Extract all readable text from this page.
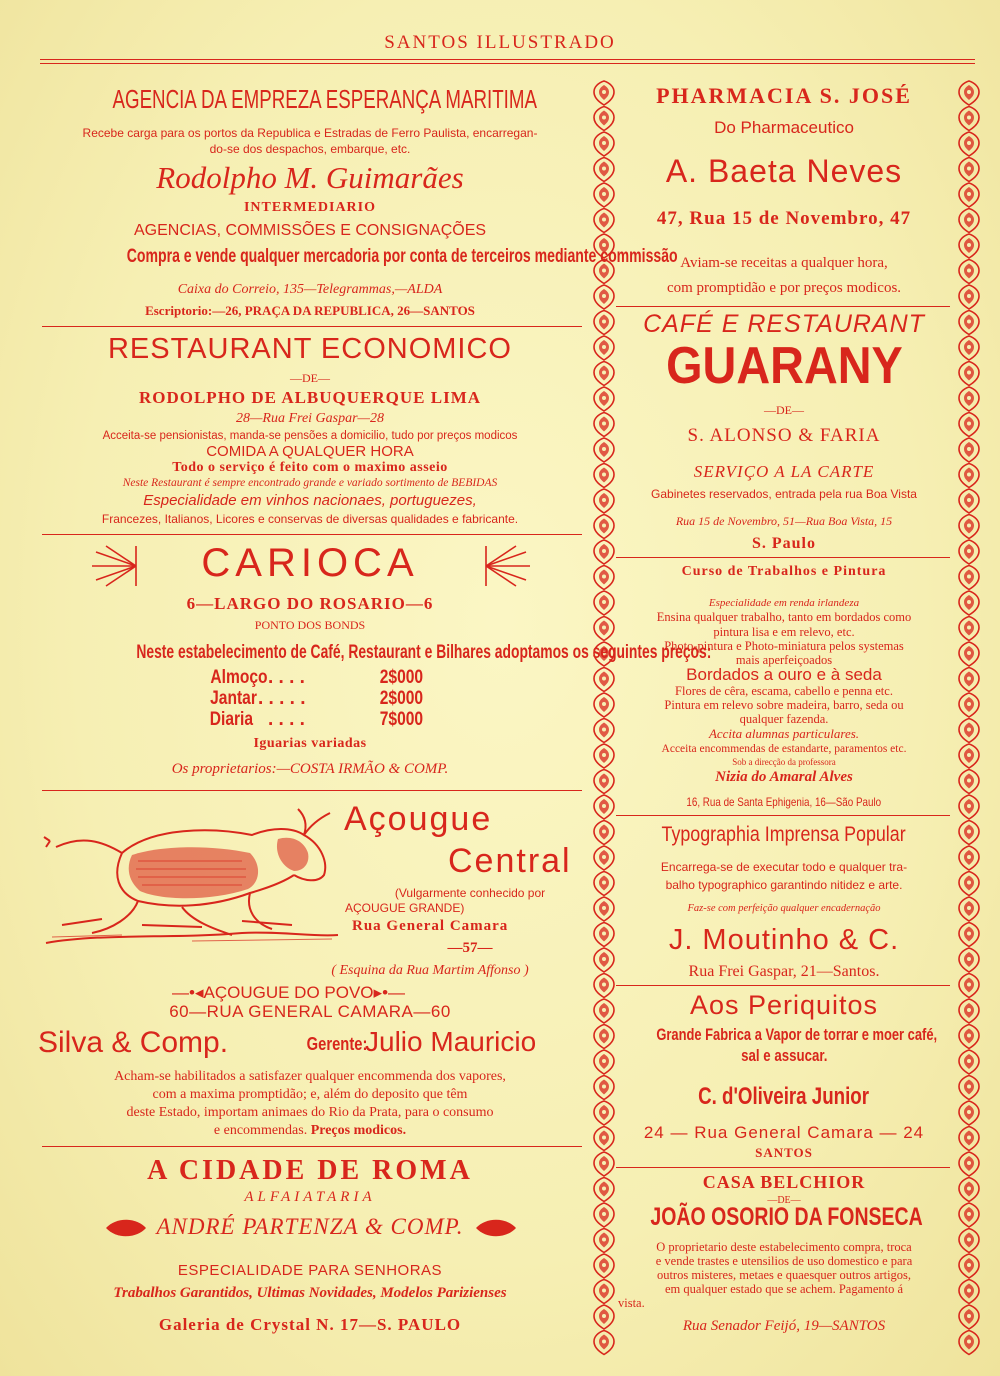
SANTOS ILLUSTRADO
AGENCIA DA EMPREZA ESPERANÇA MARITIMA
Recebe carga para os portos da Republica e Estradas de Ferro Paulista, encarregan-
do-se dos despachos, embarque, etc.
Rodolpho M. Guimarães
INTERMEDIARIO
AGENCIAS, COMMISSÕES E CONSIGNAÇÕES
Compra e vende qualquer mercadoria por conta de terceiros mediante commissão
Caixa do Correio, 135—Telegrammas,—ALDA
Escriptorio:—26, PRAÇA DA REPUBLICA, 26—SANTOS
RESTAURANT ECONOMICO
—DE—
RODOLPHO DE ALBUQUERQUE LIMA
28—Rua Frei Gaspar—28
Acceita-se pensionistas, manda-se pensões a domicilio, tudo por preços modicos
COMIDA A QUALQUER HORA
Todo o serviço é feito com o maximo asseio
Neste Restaurant é sempre encontrado grande e variado sortimento de BEBIDAS
Especialidade em vinhos nacionaes, portuguezes,
Francezes, Italianos, Licores e conservas de diversas qualidades e fabricante.
CARIOCA
6—LARGO DO ROSARIO—6
PONTO DOS BONDS
Neste estabelecimento de Café, Restaurant e Bilhares adoptamos os seguintes preços:
Almoço . . . .	2$000
Jantar . . . . .	2$000
Diaria . . . .	7$000
Iguarias variadas
Os proprietarios:—COSTA IRMÃO & COMP.
Açougue
Central
(Vulgarmente conhecido por
AÇOUGUE GRANDE)
Rua General Camara
—57—
( Esquina da Rua Martim Affonso )
—•◂AÇOUGUE DO POVO▸•—
60—RUA GENERAL CAMARA—60
Silva & Comp.	Gerente:
Julio Mauricio
Acham-se habilitados a satisfazer qualquer encommenda dos vapores,
com a maxima promptidão; e, além do deposito que têm
deste Estado, importam animaes do Rio da Prata, para o consumo
e encommendas. Preços modicos.
A CIDADE DE ROMA
ALFAIATARIA
ANDRÉ PARTENZA & COMP.
ESPECIALIDADE PARA SENHORAS
Trabalhos Garantidos, Ultimas Novidades, Modelos Parizienses
Galeria de Crystal N. 17—S. PAULO
PHARMACIA S. JOSÉ
Do Pharmaceutico
A. Baeta Neves
47, Rua 15 de Novembro, 47
Aviam-se receitas a qualquer hora,
com promptidão e por preços modicos.
CAFÉ E RESTAURANT
GUARANY
—DE—
S. ALONSO & FARIA
SERVIÇO A LA CARTE
Gabinetes reservados, entrada pela rua Boa Vista
Rua 15 de Novembro, 51—Rua Boa Vista, 15
S. Paulo
Curso de Trabalhos e Pintura
Especialidade em renda irlandeza
Ensina qualquer trabalho, tanto em bordados como
pintura lisa e em relevo, etc.
Photo-pintura e Photo-miniatura pelos systemas
mais aperfeiçoados
Bordados a ouro e à seda
Flores de cêra, escama, cabello e penna etc.
Pintura em relevo sobre madeira, barro, seda ou
qualquer fazenda.
Accita alumnas particulares.
Acceita encommendas de estandarte, paramentos etc.
Sob a direcção da professora
Nizia do Amaral Alves
16, Rua de Santa Ephigenia, 16—São Paulo
Typographia Imprensa Popular
Encarrega-se de executar todo e qualquer tra-
balho typographico garantindo nitidez e arte.
Faz-se com perfeição qualquer encadernação
J. Moutinho & C.
Rua Frei Gaspar, 21—Santos.
Aos Periquitos
Grande Fabrica a Vapor de torrar e moer café,
sal e assucar.
C. d'Oliveira Junior
24 — Rua General Camara — 24
SANTOS
CASA BELCHIOR
—DE—
JOÃO OSORIO DA FONSECA
O proprietario deste estabelecimento compra, troca
e vende trastes e utensilios de uso domestico e para
outros misteres, metaes e quaesquer outros artigos,
em qualquer estado que se achem. Pagamento á
vista.
Rua Senador Feijó, 19—SANTOS
